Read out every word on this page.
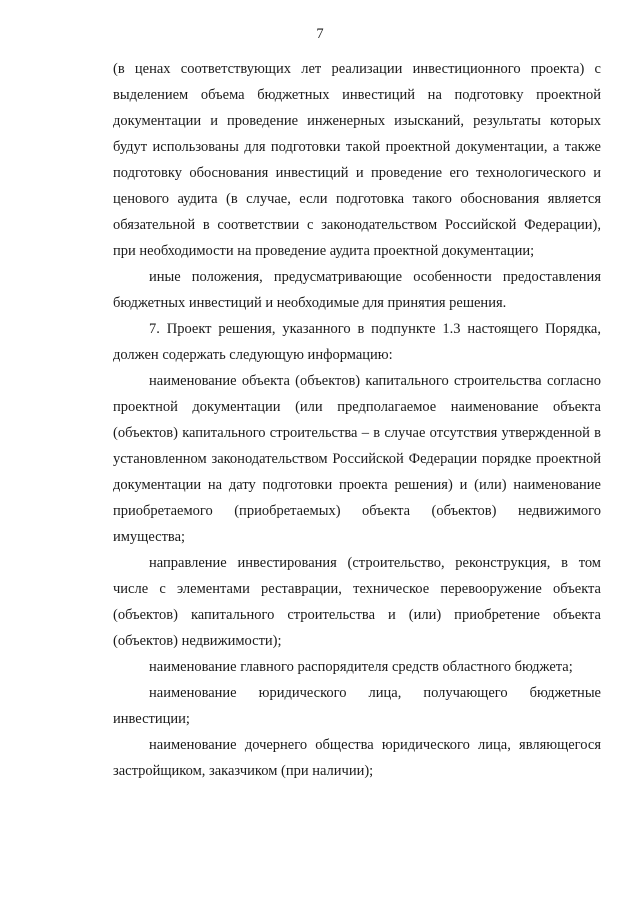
7

(в ценах соответствующих лет реализации инвестиционного проекта) с выделением объема бюджетных инвестиций на подготовку проектной документации и проведение инженерных изысканий, результаты которых будут использованы для подготовки такой проектной документации, а также подготовку обоснования инвестиций и проведение его технологического и ценового аудита (в случае, если подготовка такого обоснования является обязательной в соответствии с законодательством Российской Федерации), при необходимости на проведение аудита проектной документации;

иные положения, предусматривающие особенности предоставления бюджетных инвестиций и необходимые для принятия решения.

7. Проект решения, указанного в подпункте 1.3 настоящего Порядка, должен содержать следующую информацию:

наименование объекта (объектов) капитального строительства согласно проектной документации (или предполагаемое наименование объекта (объектов) капитального строительства – в случае отсутствия утвержденной в установленном законодательством Российской Федерации порядке проектной документации на дату подготовки проекта решения) и (или) наименование приобретаемого (приобретаемых) объекта (объектов) недвижимого имущества;

направление инвестирования (строительство, реконструкция, в том числе с элементами реставрации, техническое перевооружение объекта (объектов) капитального строительства и (или) приобретение объекта (объектов) недвижимости);

наименование главного распорядителя средств областного бюджета;

наименование юридического лица, получающего бюджетные инвестиции;

наименование дочернего общества юридического лица, являющегося застройщиком, заказчиком (при наличии);
